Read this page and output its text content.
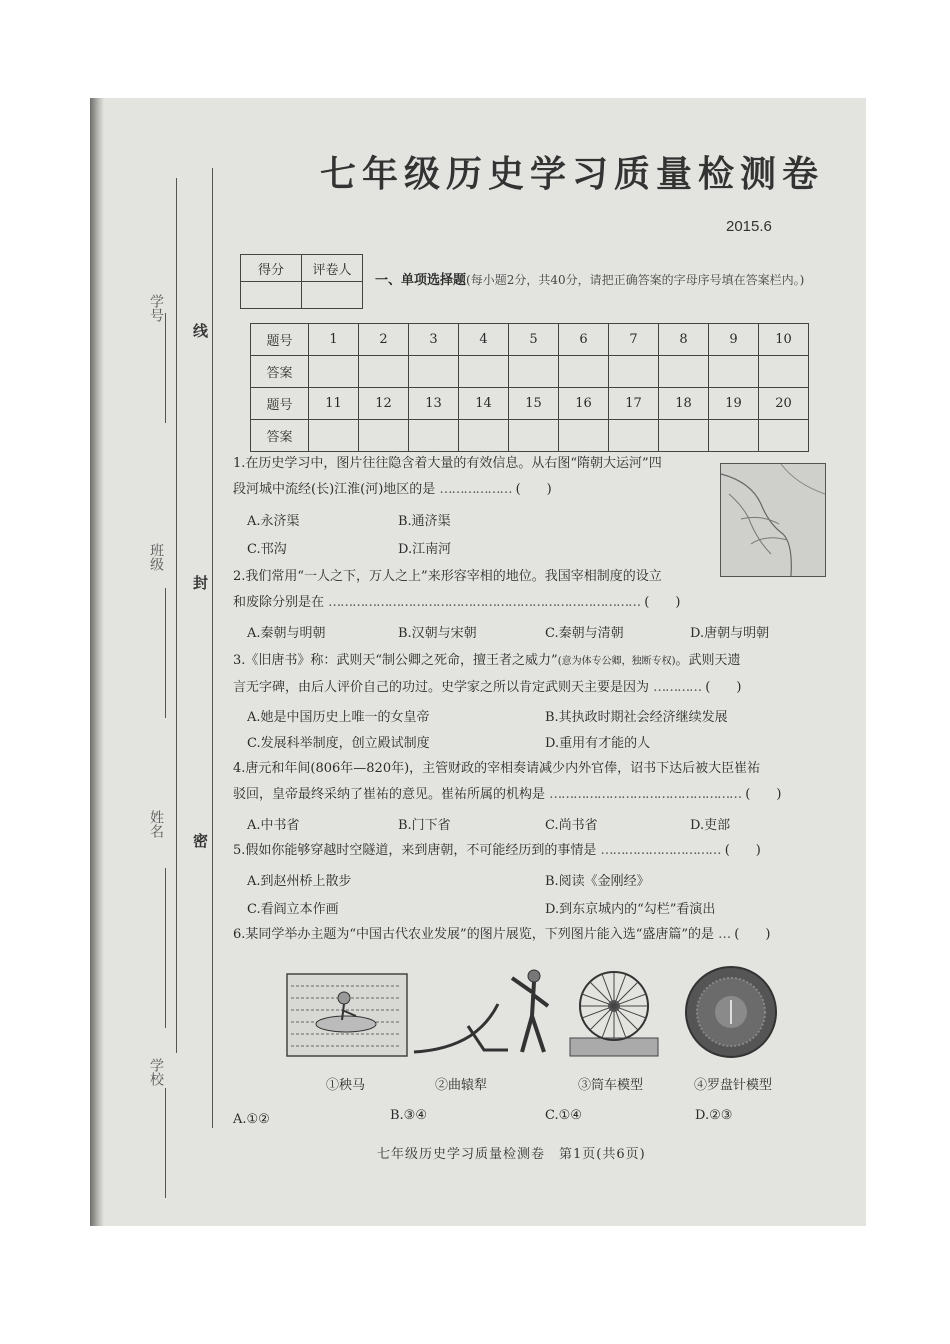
学号
班级
姓名
学校
线
封
密
七年级历史学习质量检测卷
2015.6
得分	评卷人

一、单项选择题(每小题2分，共40分，请把正确答案的字母序号填在答案栏内。)
题号	1	2	3	4	5	6	7	8	9	10
答案										
题号	11	12	13	14	15	16	17	18	19	20
答案										
1.在历史学习中，图片往往隐含着大量的有效信息。从右图“隋朝大运河”四
段河城中流经(长)江淮(河)地区的是 ……………… (　　)
A.永济渠	B.通济渠
C.邗沟	D.江南河
2.我们常用“一人之下，万人之上”来形容宰相的地位。我国宰相制度的设立
和废除分别是在 …………………………………………………………………… (　　)
A.秦朝与明朝	B.汉朝与宋朝	C.秦朝与清朝	D.唐朝与明朝
3.《旧唐书》称：武则天“制公卿之死命，擅王者之威力”(意为体专公卿，独断专权)。武则天遗
言无字碑，由后人评价自己的功过。史学家之所以肯定武则天主要是因为 ………… (　　)
A.她是中国历史上唯一的女皇帝	B.其执政时期社会经济继续发展
C.发展科举制度，创立殿试制度	D.重用有才能的人
4.唐元和年间(806年—820年)，主管财政的宰相奏请减少内外官俸，诏书下达后被大臣崔祐
驳回，皇帝最终采纳了崔祐的意见。崔祐所属的机构是 ………………………………………… (　　)
A.中书省	B.门下省	C.尚书省	D.吏部
5.假如你能够穿越时空隧道，来到唐朝，不可能经历到的事情是 ………………………… (　　)
A.到赵州桥上散步	B.阅读《金刚经》
C.看阎立本作画	D.到东京城内的“勾栏”看演出
6.某同学举办主题为“中国古代农业发展”的图片展览，下列图片能入选“盛唐篇”的是 … (　　)
①秧马	②曲辕犁	③筒车模型	④罗盘针模型
A.①②	B.③④	C.①④	D.②③
七年级历史学习质量检测卷　第1页(共6页)
